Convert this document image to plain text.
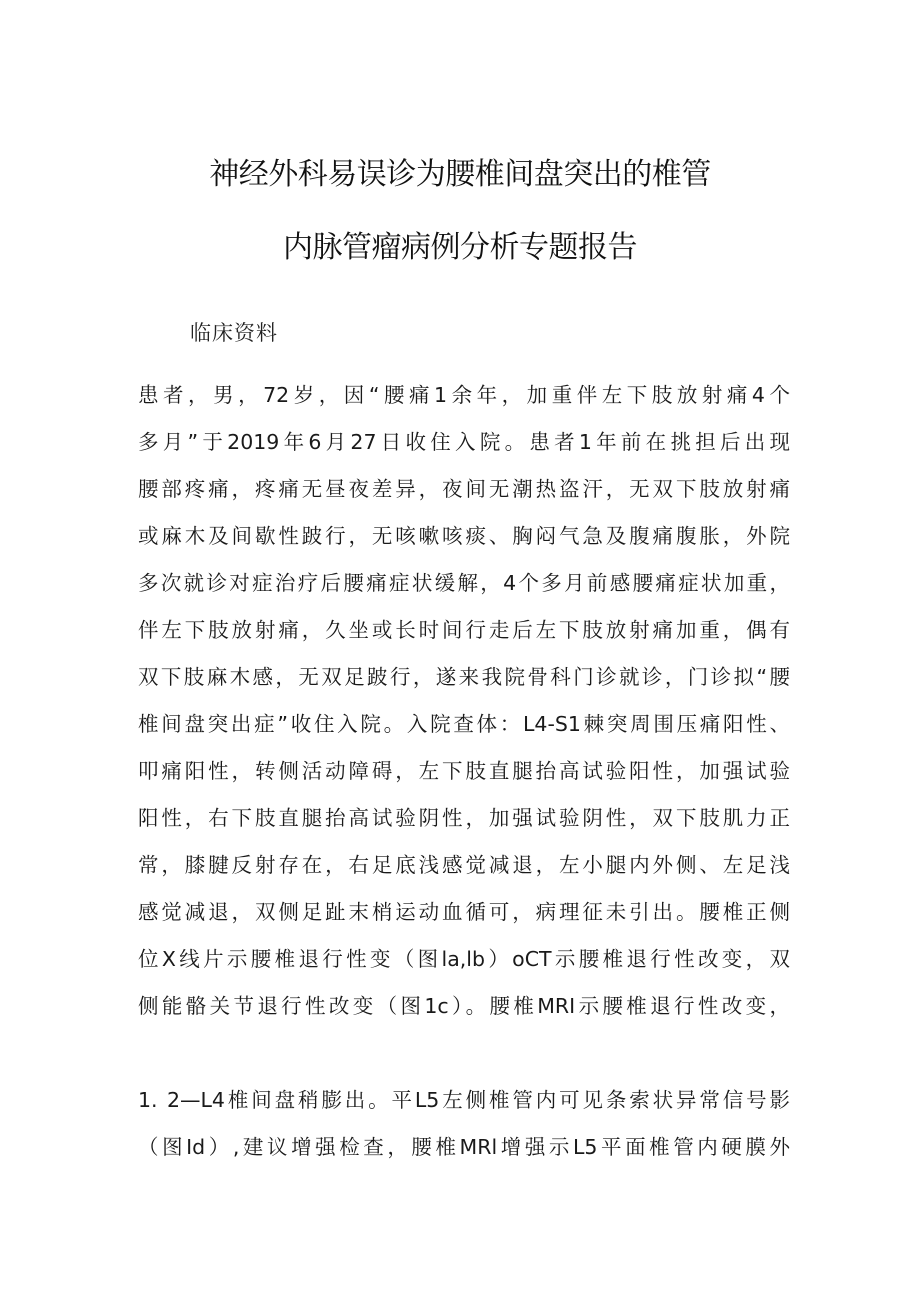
神经外科易误诊为腰椎间盘突出的椎管
内脉管瘤病例分析专题报告
临床资料
患者，男，72岁，因“腰痛1余年，加重伴左下肢放射痛4个
多月”于2019年6月27日收住入院。患者1年前在挑担后出现
腰部疼痛，疼痛无昼夜差异，夜间无潮热盗汗，无双下肢放射痛
或麻木及间歇性跛行，无咳嗽咳痰、胸闷气急及腹痛腹胀，外院
多次就诊对症治疗后腰痛症状缓解，4个多月前感腰痛症状加重，
伴左下肢放射痛，久坐或长时间行走后左下肢放射痛加重，偶有
双下肢麻木感，无双足跛行，遂来我院骨科门诊就诊，门诊拟“腰
椎间盘突出症”收住入院。入院查体：L4-S1棘突周围压痛阳性、
叩痛阳性，转侧活动障碍，左下肢直腿抬高试验阳性，加强试验
阳性，右下肢直腿抬高试验阴性，加强试验阴性，双下肢肌力正
常，膝腱反射存在，右足底浅感觉减退，左小腿内外侧、左足浅
感觉减退，双侧足趾末梢运动血循可，病理征未引出。腰椎正侧
位X线片示腰椎退行性变（图la,lb）oCT示腰椎退行性改变，双
侧能骼关节退行性改变（图1c）。腰椎MRI示腰椎退行性改变，
1. 2—L4椎间盘稍膨出。平L5左侧椎管内可见条索状异常信号影
（图Id）,建议增强检查，腰椎MRl增强示L5平面椎管内硬膜外
